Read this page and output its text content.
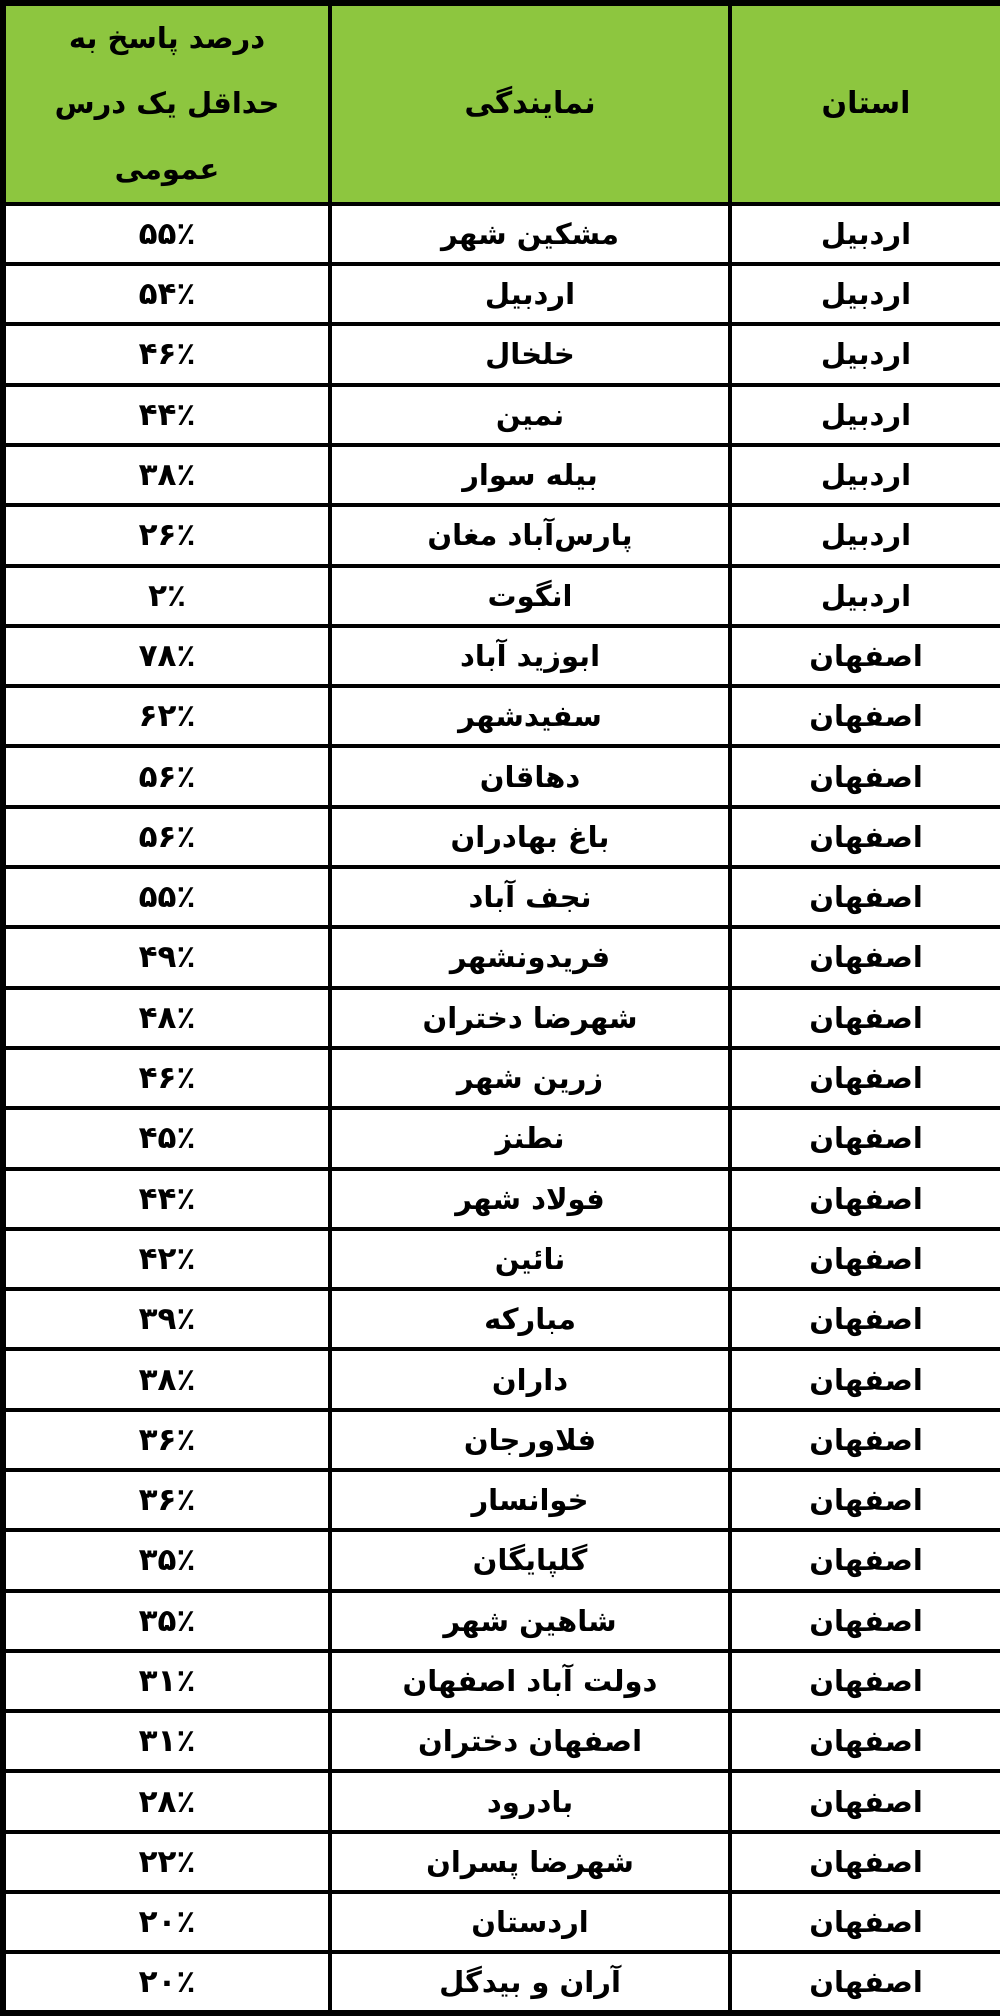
استان	نمایندگی	درصد پاسخ به حداقل یک درس عمومی
اردبیل	مشکین شهر	۵۵٪
اردبیل	اردبیل	۵۴٪
اردبیل	خلخال	۴۶٪
اردبیل	نمین	۴۴٪
اردبیل	بیله سوار	۳۸٪
اردبیل	پارس‌آباد مغان	۲۶٪
اردبیل	انگوت	۲٪
اصفهان	ابوزید آباد	۷۸٪
اصفهان	سفیدشهر	۶۲٪
اصفهان	دهاقان	۵۶٪
اصفهان	باغ بهادران	۵۶٪
اصفهان	نجف آباد	۵۵٪
اصفهان	فریدونشهر	۴۹٪
اصفهان	شهرضا دختران	۴۸٪
اصفهان	زرین شهر	۴۶٪
اصفهان	نطنز	۴۵٪
اصفهان	فولاد شهر	۴۴٪
اصفهان	نائین	۴۲٪
اصفهان	مبارکه	۳۹٪
اصفهان	داران	۳۸٪
اصفهان	فلاورجان	۳۶٪
اصفهان	خوانسار	۳۶٪
اصفهان	گلپایگان	۳۵٪
اصفهان	شاهین شهر	۳۵٪
اصفهان	دولت آباد اصفهان	۳۱٪
اصفهان	اصفهان دختران	۳۱٪
اصفهان	بادرود	۲۸٪
اصفهان	شهرضا پسران	۲۲٪
اصفهان	اردستان	۲۰٪
اصفهان	آران و بیدگل	۲۰٪
